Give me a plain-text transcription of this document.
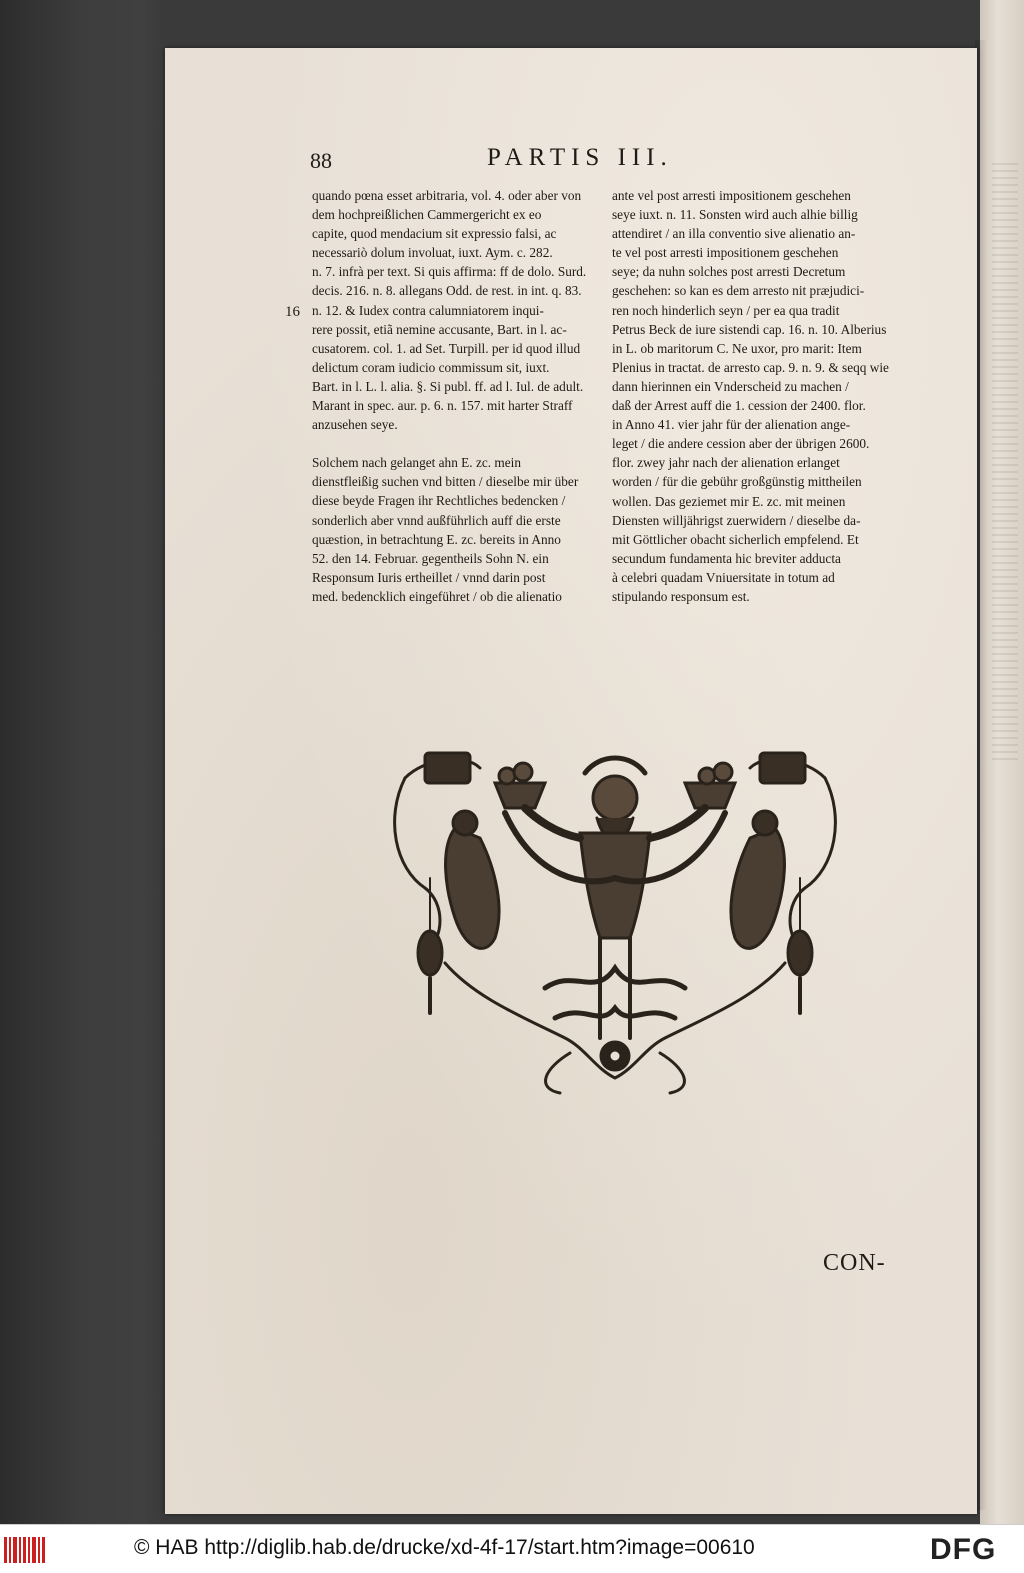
88	PARTIS III.
16
quando pœna esset arbitraria, vol. 4. oder aber von
dem hochpreißlichen Cammergericht ex eo
capite, quod mendacium sit expressio falsi, ac
necessariò dolum involuat, iuxt. Aym. c. 282.
n. 7. infrà per text. Si quis affirma: ff de dolo. Surd.
decis. 216. n. 8. allegans Odd. de rest. in int. q. 83.
n. 12. & Iudex contra calumniatorem inqui-
rere possit, etiã nemine accusante, Bart. in l. ac-
cusatorem. col. 1. ad Set. Turpill. per id quod illud
delictum coram iudicio commissum sit, iuxt.
Bart. in l. L. l. alia. §. Si publ. ff. ad l. Iul. de adult.
Marant in spec. aur. p. 6. n. 157. mit harter Straff
anzusehen seye.
Solchem nach gelanget ahn E. zc. mein
dienstfleißig suchen vnd bitten / dieselbe mir über
diese beyde Fragen ihr Rechtliches bedencken /
sonderlich aber vnnd außführlich auff die erste
quæstion, in betrachtung E. zc. bereits in Anno
52. den 14. Februar. gegentheils Sohn N. ein
Responsum Iuris ertheillet / vnnd darin post
med. bedencklich eingeführet / ob die alienatio
ante vel post arresti impositionem geschehen
seye iuxt. n. 11. Sonsten wird auch alhie billig
attendiret / an illa conventio sive alienatio an-
te vel post arresti impositionem geschehen
seye; da nuhn solches post arresti Decretum
geschehen: so kan es dem arresto nit præjudici-
ren noch hinderlich seyn / per ea qua tradit
Petrus Beck de iure sistendi cap. 16. n. 10. Alberius
in L. ob maritorum C. Ne uxor, pro marit: Item
Plenius in tractat. de arresto cap. 9. n. 9. & seqq wie
dann hierinnen ein Vnderscheid zu machen /
daß der Arrest auff die 1. cession der 2400. flor.
in Anno 41. vier jahr für der alienation ange-
leget / die andere cession aber der übrigen 2600.
flor. zwey jahr nach der alienation erlanget
worden / für die gebühr großgünstig mittheilen
wollen. Das geziemet mir E. zc. mit meinen
Diensten willjährigst zuerwidern / dieselbe da-
mit Göttlicher obacht sicherlich empfelend. Et
secundum fundamenta hic breviter adducta
à celebri quadam Vniuersitate in totum ad
stipulando responsum est.
CON-
© HAB http://diglib.hab.de/drucke/xd-4f-17/start.htm?image=00610	DFG
